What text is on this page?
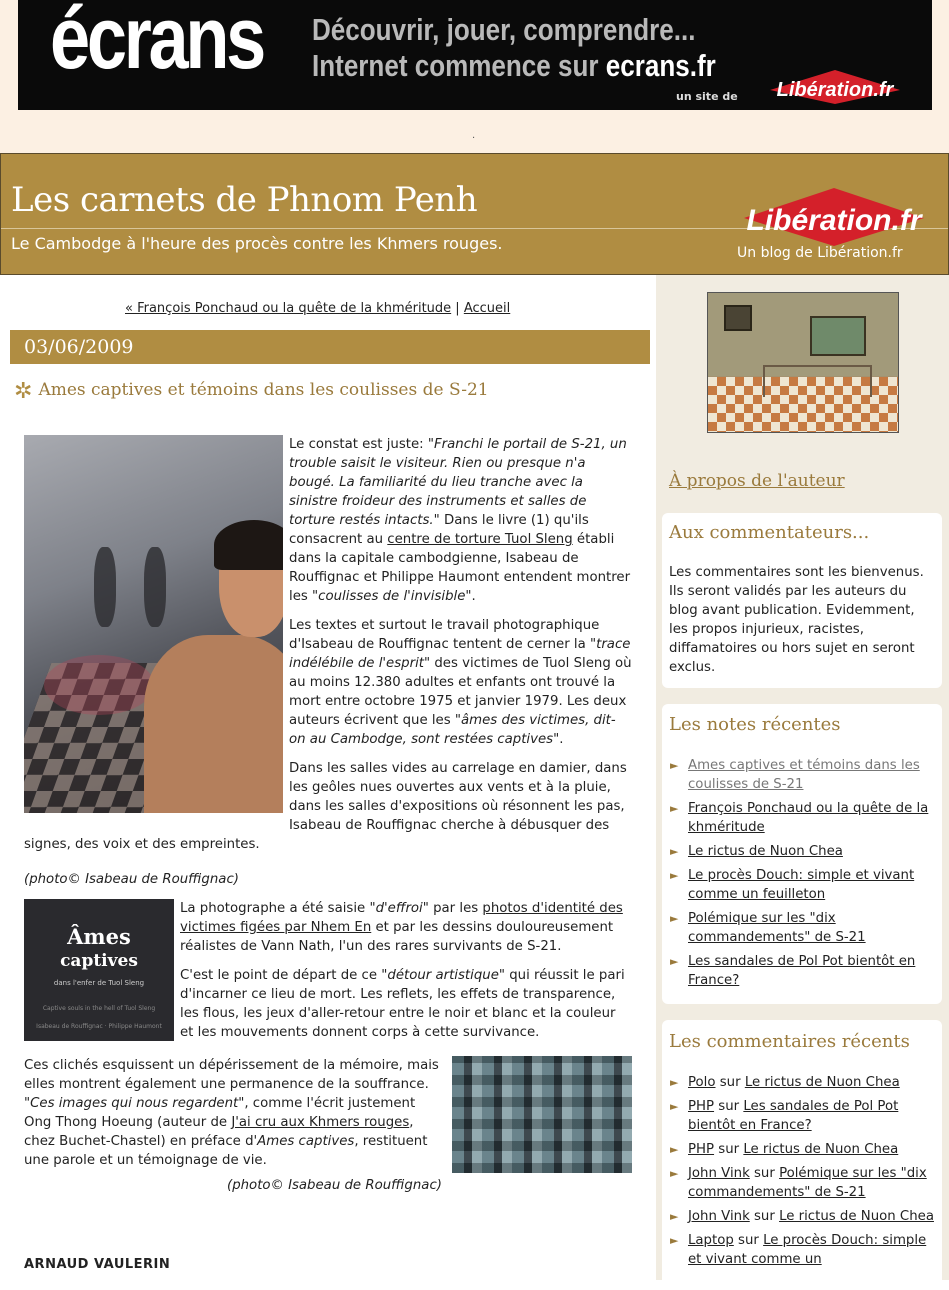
écrans Découvrir, jouer, comprendre...
Internet commence sur ecrans.fr
un site de Libération.fr
.
Les carnets de Phnom Penh
Le Cambodge à l'heure des procès contre les Khmers rouges.
Libération.fr
Un blog de Libération.fr
« François Ponchaud ou la quête de la khméritude | Accueil
03/06/2009
✲ Ames captives et témoins dans les coulisses de S-21

Le constat est juste: "Franchi le portail de S-21, un trouble saisit le visiteur. Rien ou presque n'a bougé. La familiarité du lieu tranche avec la sinistre froideur des instruments et salles de torture restés intacts." Dans le livre (1) qu'ils consacrent au centre de torture Tuol Sleng établi dans la capitale cambodgienne, Isabeau de Rouffignac et Philippe Haumont entendent montrer les "coulisses de l'invisible".

Les textes et surtout le travail photographique d'Isabeau de Rouffignac tentent de cerner la "trace indélébile de l'esprit" des victimes de Tuol Sleng où au moins 12.380 adultes et enfants ont trouvé la mort entre octobre 1975 et janvier 1979. Les deux auteurs écrivent que les "âmes des victimes, dit-on au Cambodge, sont restées captives".

Dans les salles vides au carrelage en damier, dans les geôles nues ouvertes aux vents et à la pluie, dans les salles d'expositions où résonnent les pas, Isabeau de Rouffignac cherche à débusquer des signes, des voix et des empreintes.

(photo© Isabeau de Rouffignac)

Âmes
captives
dans l'enfer de Tuol Sleng
Captive souls in the hell of Tuol Sleng
Isabeau de Rouffignac · Philippe Haumont

La photographe a été saisie "d'effroi" par les photos d'identité des victimes figées par Nhem En et par les dessins douloureusement réalistes de Vann Nath, l'un des rares survivants de S-21.

C'est le point de départ de ce "détour artistique" qui réussit le pari d'incarner ce lieu de mort. Les reflets, les effets de transparence, les flous, les jeux d'aller-retour entre le noir et blanc et la couleur et les mouvements donnent corps à cette survivance.

Ces clichés esquissent un dépérissement de la mémoire, mais elles montrent également une permanence de la souffrance. "Ces images qui nous regardent", comme l'écrit justement Ong Thong Hoeung (auteur de J'ai cru aux Khmers rouges, chez Buchet-Chastel) en préface d'Ames captives, restituent une parole et un témoignage de vie.

(photo© Isabeau de Rouffignac)

ARNAUD VAULERIN
À propos de l'auteur
Aux commentateurs...
Les commentaires sont les bienvenus. Ils seront validés par les auteurs du blog avant publication. Evidemment, les propos injurieux, racistes, diffamatoires ou hors sujet en seront exclus.
Les notes récentes
► Ames captives et témoins dans les coulisses de S-21
► François Ponchaud ou la quête de la khméritude
► Le rictus de Nuon Chea
► Le procès Douch: simple et vivant comme un feuilleton
► Polémique sur les "dix commandements" de S-21
► Les sandales de Pol Pot bientôt en France?
Les commentaires récents
► Polo sur Le rictus de Nuon Chea
► PHP sur Les sandales de Pol Pot bientôt en France?
► PHP sur Le rictus de Nuon Chea
► John Vink sur Polémique sur les "dix commandements" de S-21
► John Vink sur Le rictus de Nuon Chea
► Laptop sur Le procès Douch: simple et vivant comme un
